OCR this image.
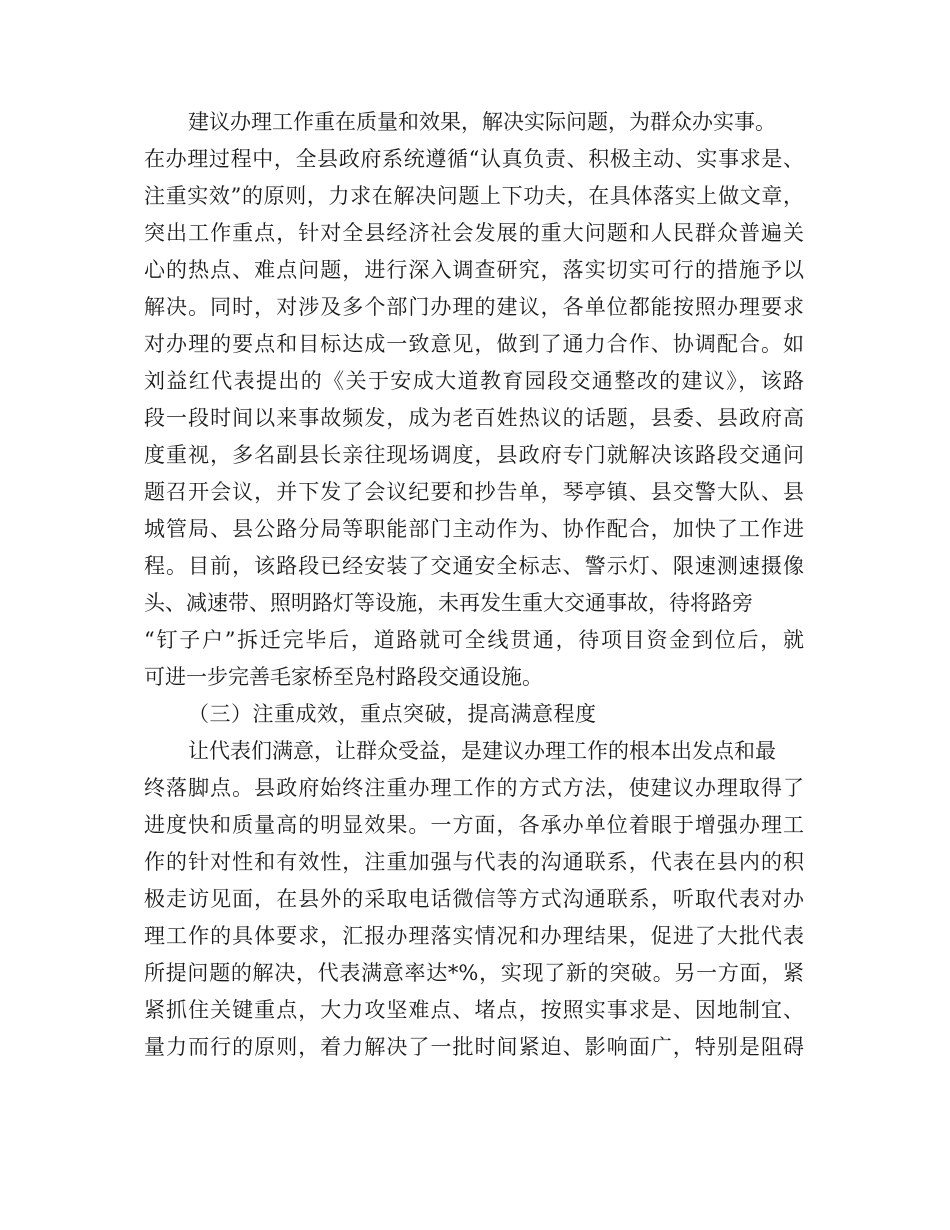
建议办理工作重在质量和效果，解决实际问题，为群众办实事。
在办理过程中，全县政府系统遵循“认真负责、积极主动、实事求是、
注重实效”的原则，力求在解决问题上下功夫，在具体落实上做文章，
突出工作重点，针对全县经济社会发展的重大问题和人民群众普遍关
心的热点、难点问题，进行深入调查研究，落实切实可行的措施予以
解决。同时，对涉及多个部门办理的建议，各单位都能按照办理要求
对办理的要点和目标达成一致意见，做到了通力合作、协调配合。如
刘益红代表提出的《关于安成大道教育园段交通整改的建议》，该路
段一段时间以来事故频发，成为老百姓热议的话题，县委、县政府高
度重视，多名副县长亲往现场调度，县政府专门就解决该路段交通问
题召开会议，并下发了会议纪要和抄告单，琴亭镇、县交警大队、县
城管局、县公路分局等职能部门主动作为、协作配合，加快了工作进
程。目前，该路段已经安装了交通安全标志、警示灯、限速测速摄像
头、减速带、照明路灯等设施，未再发生重大交通事故，待将路旁
“钉子户”拆迁完毕后，道路就可全线贯通，待项目资金到位后，就
可进一步完善毛家桥至凫村路段交通设施。
（三）注重成效，重点突破，提高满意程度
让代表们满意，让群众受益，是建议办理工作的根本出发点和最
终落脚点。县政府始终注重办理工作的方式方法，使建议办理取得了
进度快和质量高的明显效果。一方面，各承办单位着眼于增强办理工
作的针对性和有效性，注重加强与代表的沟通联系，代表在县内的积
极走访见面，在县外的采取电话微信等方式沟通联系，听取代表对办
理工作的具体要求，汇报办理落实情况和办理结果，促进了大批代表
所提问题的解决，代表满意率达*%，实现了新的突破。另一方面，紧
紧抓住关键重点，大力攻坚难点、堵点，按照实事求是、因地制宜、
量力而行的原则，着力解决了一批时间紧迫、影响面广，特别是阻碍
